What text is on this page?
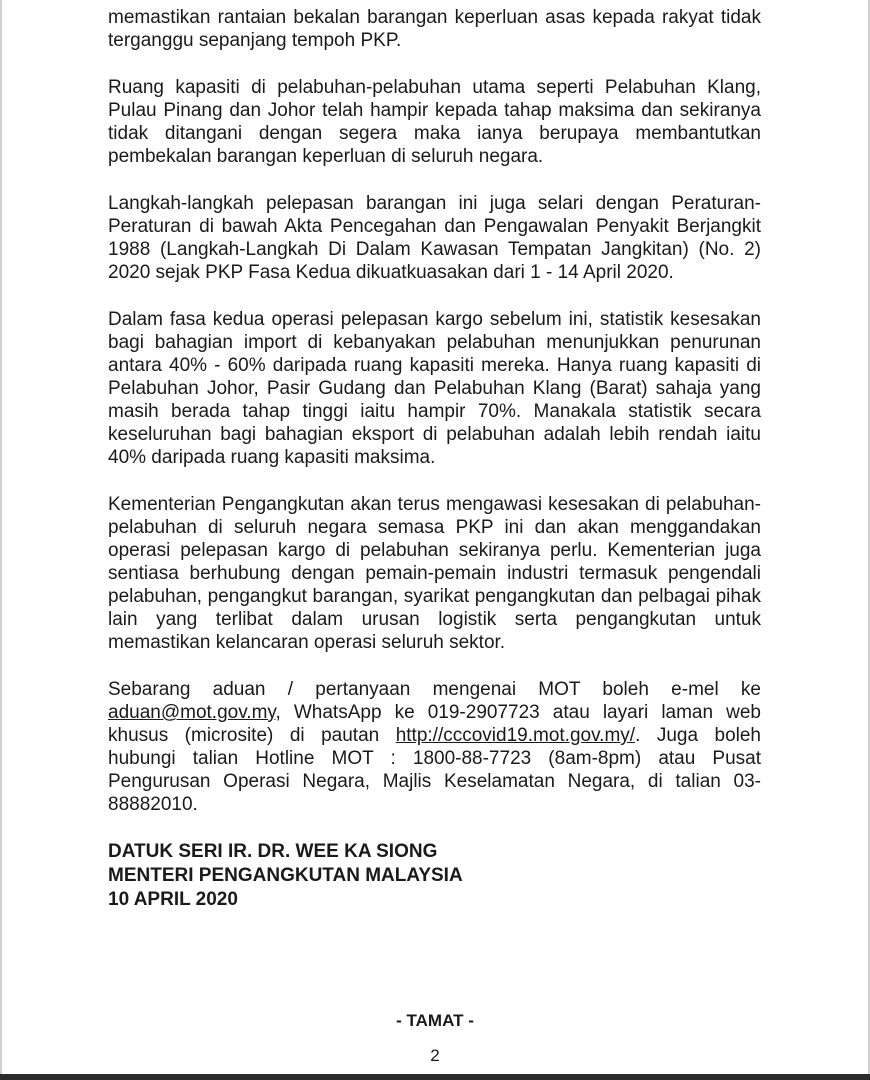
memastikan rantaian bekalan barangan keperluan asas kepada rakyat tidak terganggu sepanjang tempoh PKP.

Ruang kapasiti di pelabuhan-pelabuhan utama seperti Pelabuhan Klang, Pulau Pinang dan Johor telah hampir kepada tahap maksima dan sekiranya tidak ditangani dengan segera maka ianya berupaya membantutkan pembekalan barangan keperluan di seluruh negara.

Langkah-langkah pelepasan barangan ini juga selari dengan Peraturan-Peraturan di bawah Akta Pencegahan dan Pengawalan Penyakit Berjangkit 1988 (Langkah-Langkah Di Dalam Kawasan Tempatan Jangkitan) (No. 2) 2020 sejak PKP Fasa Kedua dikuatkuasakan dari 1 - 14 April 2020.

Dalam fasa kedua operasi pelepasan kargo sebelum ini, statistik kesesakan bagi bahagian import di kebanyakan pelabuhan menunjukkan penurunan antara 40% - 60% daripada ruang kapasiti mereka. Hanya ruang kapasiti di Pelabuhan Johor, Pasir Gudang dan Pelabuhan Klang (Barat) sahaja yang masih berada tahap tinggi iaitu hampir 70%. Manakala statistik secara keseluruhan bagi bahagian eksport di pelabuhan adalah lebih rendah iaitu 40% daripada ruang kapasiti maksima.

Kementerian Pengangkutan akan terus mengawasi kesesakan di pelabuhan-pelabuhan di seluruh negara semasa PKP ini dan akan menggandakan operasi pelepasan kargo di pelabuhan sekiranya perlu. Kementerian juga sentiasa berhubung dengan pemain-pemain industri termasuk pengendali pelabuhan, pengangkut barangan, syarikat pengangkutan dan pelbagai pihak lain yang terlibat dalam urusan logistik serta pengangkutan untuk memastikan kelancaran operasi seluruh sektor.

Sebarang aduan / pertanyaan mengenai MOT boleh e-mel ke aduan@mot.gov.my, WhatsApp ke 019-2907723 atau layari laman web khusus (microsite) di pautan http://cccovid19.mot.gov.my/. Juga boleh hubungi talian Hotline MOT : 1800-88-7723 (8am-8pm) atau Pusat Pengurusan Operasi Negara, Majlis Keselamatan Negara, di talian 03-88882010.

DATUK SERI IR. DR. WEE KA SIONG
MENTERI PENGANGKUTAN MALAYSIA
10 APRIL 2020
- TAMAT -
2
